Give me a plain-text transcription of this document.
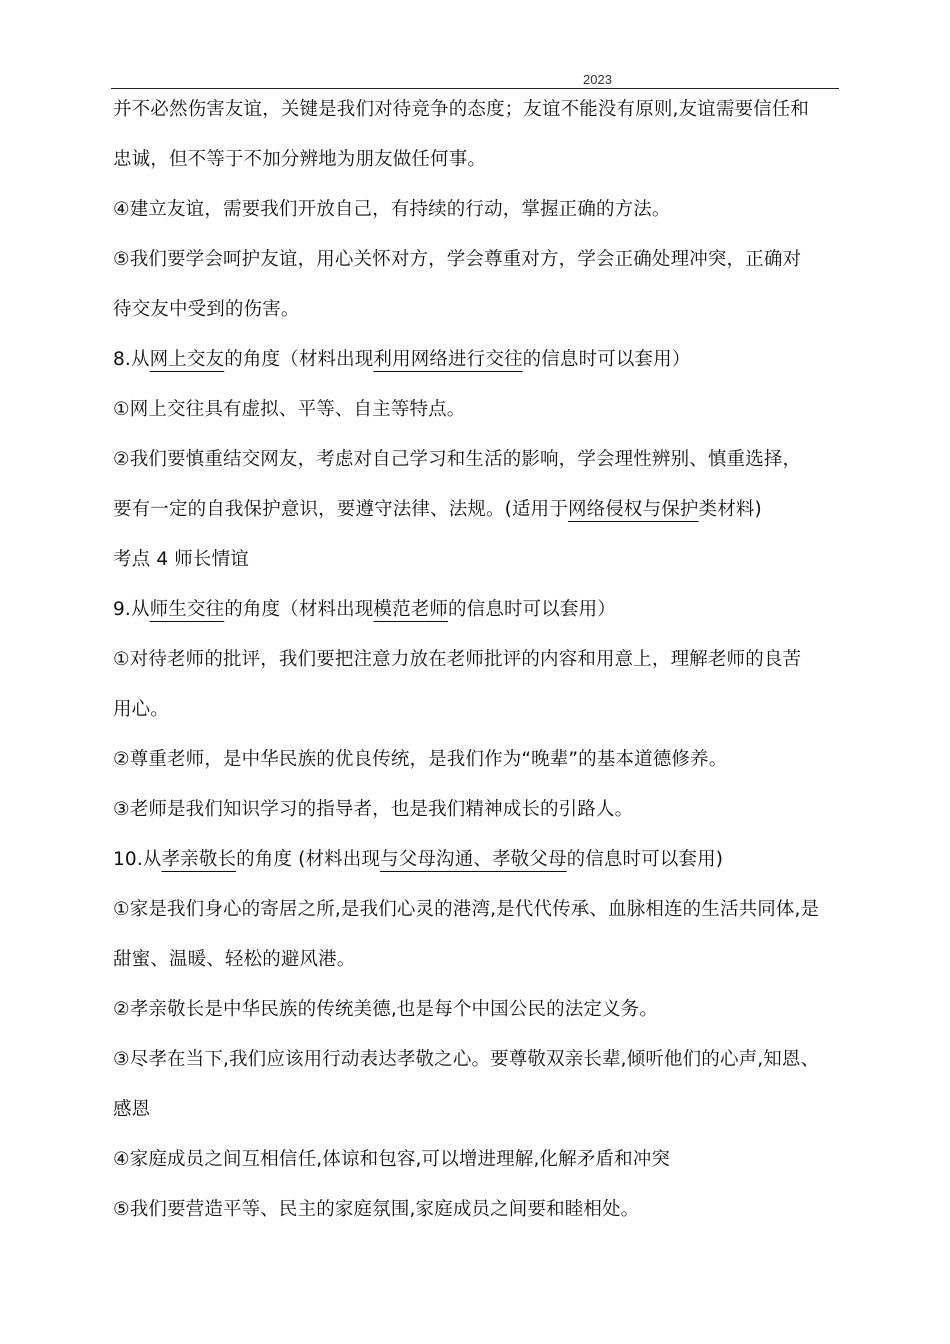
2023
并不必然伤害友谊，关键是我们对待竞争的态度；友谊不能没有原则,友谊需要信任和
忠诚，但不等于不加分辨地为朋友做任何事。
④建立友谊，需要我们开放自己，有持续的行动，掌握正确的方法。
⑤我们要学会呵护友谊，用心关怀对方，学会尊重对方，学会正确处理冲突，正确对
待交友中受到的伤害。
8.从网上交友的角度（材料出现利用网络进行交往的信息时可以套用）
①网上交往具有虚拟、平等、自主等特点。
②我们要慎重结交网友，考虑对自己学习和生活的影响，学会理性辨别、慎重选择，
要有一定的自我保护意识，要遵守法律、法规。(适用于网络侵权与保护类材料)
考点 4 师长情谊
9.从师生交往的角度（材料出现模范老师的信息时可以套用）
①对待老师的批评，我们要把注意力放在老师批评的内容和用意上，理解老师的良苦
用心。
②尊重老师，是中华民族的优良传统，是我们作为“晚辈”的基本道德修养。
③老师是我们知识学习的指导者，也是我们精神成长的引路人。
10.从孝亲敬长的角度 (材料出现与父母沟通、孝敬父母的信息时可以套用)
①家是我们身心的寄居之所,是我们心灵的港湾,是代代传承、血脉相连的生活共同体,是
甜蜜、温暖、轻松的避风港。
②孝亲敬长是中华民族的传统美德,也是每个中国公民的法定义务。
③尽孝在当下,我们应该用行动表达孝敬之心。要尊敬双亲长辈,倾听他们的心声,知恩、
感恩
④家庭成员之间互相信任,体谅和包容,可以增进理解,化解矛盾和冲突
⑤我们要营造平等、民主的家庭氛围,家庭成员之间要和睦相处。
